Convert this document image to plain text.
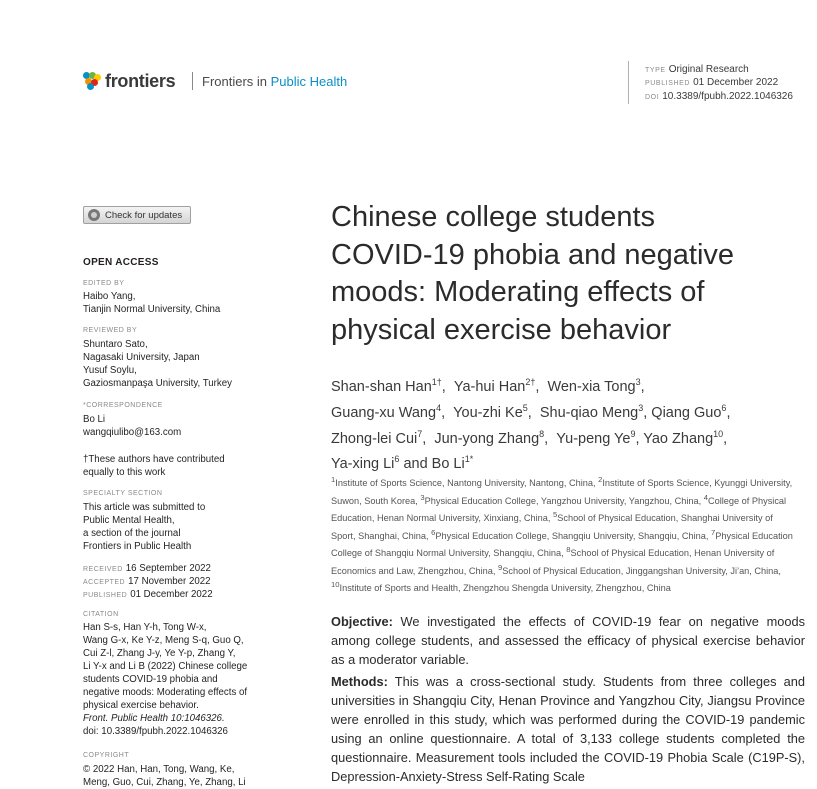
frontiers Frontiers in Public Health
TYPE Original Research
PUBLISHED 01 December 2022
DOI 10.3389/fpubh.2022.1046326
Check for updates
OPEN ACCESS
EDITED BY
Haibo Yang,
Tianjin Normal University, China
REVIEWED BY
Shuntaro Sato,
Nagasaki University, Japan
Yusuf Soylu,
Gaziosmanpaşa University, Turkey
*CORRESPONDENCE
Bo Li
wangqiulibo@163.com
†These authors have contributed
equally to this work
SPECIALTY SECTION
This article was submitted to
Public Mental Health,
a section of the journal
Frontiers in Public Health
RECEIVED 16 September 2022
ACCEPTED 17 November 2022
PUBLISHED 01 December 2022
CITATION
Han S-s, Han Y-h, Tong W-x,
Wang G-x, Ke Y-z, Meng S-q, Guo Q,
Cui Z-l, Zhang J-y, Ye Y-p, Zhang Y,
Li Y-x and Li B (2022) Chinese college
students COVID-19 phobia and
negative moods: Moderating effects of
physical exercise behavior.
Front. Public Health 10:1046326.
doi: 10.3389/fpubh.2022.1046326
COPYRIGHT
© 2022 Han, Han, Tong, Wang, Ke,
Meng, Guo, Cui, Zhang, Ye, Zhang, Li
Chinese college students
COVID-19 phobia and negative
moods: Moderating effects of
physical exercise behavior
Shan-shan Han$^{1\dagger}$,  Ya-hui Han$^{2\dagger}$,  Wen-xia Tong$^3$,
Guang-xu Wang$^4$,  You-zhi Ke$^5$,  Shu-qiao Meng$^3$, Qiang Guo$^6$,
Zhong-lei Cui$^7$,  Jun-yong Zhang$^8$,  Yu-peng Ye$^9$, Yao Zhang$^{10}$,
Ya-xing Li$^6$ and Bo $Li^{1*}$
$^1$Institute of Sports Science, Nantong University, Nantong, China, $^2$Institute of Sports Science, Kyunggi University, Suwon, South Korea, $^3$Physical Education College, Yangzhou University, Yangzhou, China, $^4$College of Physical Education, Henan Normal University, Xinxiang, China, $^5$School of Physical Education, Shanghai University of Sport, Shanghai, China, $^6$Physical Education College, Shangqiu University, Shangqiu, China, $^7$Physical Education College of Shangqiu Normal University, Shangqiu, China, $^8$School of Physical Education, Henan University of Economics and Law, Zhengzhou, China, $^9$School of Physical Education, Jinggangshan University, Ji’an, China, $^{10}$Institute of Sports and Health, Zhengzhou Shengda University, Zhengzhou, China
Objective: We investigated the effects of COVID-19 fear on negative moods among college students, and assessed the efficacy of physical exercise behavior as a moderator variable.
Methods: This was a cross-sectional study. Students from three colleges and universities in Shangqiu City, Henan Province and Yangzhou City, Jiangsu Province were enrolled in this study, which was performed during the COVID-19 pandemic using an online questionnaire. A total of 3,133 college students completed the questionnaire. Measurement tools included the COVID-19 Phobia Scale (C19P-S), Depression-Anxiety-Stress Self-Rating Scale
